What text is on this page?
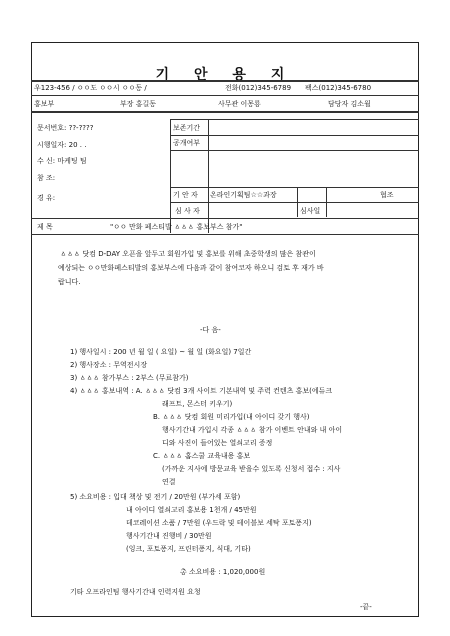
기 안 용 지
우123-456 / ㅇㅇ도 ㅇㅇ시 ㅇㅇ동 /	전화(012)345-6789 팩스(012)345-6780
홍보부	부장 홍길동	사무관 이몽룡	담당자 김소월
문서번호: ??-????
시행일자: 20 . .
수 신: 마케팅 팀
참 조:
경 유:
보존기간
공개여부
기 안 자 온라인기획팀☆☆과장	협조
심 사 자	심사일
제 목	"ㅇㅇ 만화 페스티발 ㅿㅿㅿ 홍보부스 참가"
ㅿㅿㅿ 닷컴 D-DAY 오픈을 앞두고 회원가입 및 홍보를 위해 초중학생의 많은 참관이
예상되는 ㅇㅇ만화페스티발의 홍보부스에 다음과 같이 참여코자 하오니 검토 후 재가 바
랍니다.
-다 음-
1) 행사일시 : 200 년 월 일 ( 요일) ~ 월 일 (화요일) 7일간
2) 행사장소 : 무역전시장
3) ㅿㅿㅿ 참가부스 : 2부스 (무료참가)
4) ㅿㅿㅿ 홍보내역 : A. ㅿㅿㅿ 닷컴 3개 사이트 기본내역 및 주력 컨텐츠 홍보(에듀크
래프트, 몬스터 키우기)
B. ㅿㅿㅿ 닷컴 회원 미리가입(내 아이디 갖기 행사)
행사기간내 가입시 각종 ㅿㅿㅿ 참가 이벤트 안내와 내 아이
디와 사진이 들어있는 열쇠고리 증정
C. ㅿㅿㅿ 홈스쿨 교육내용 홍보
(가까운 지사에 방문교육 받을수 있도록 신청서 접수 : 지사
연결
5) 소요비용 : 입대 책상 및 전기 / 20만원 (부가세 포함)
내 아이디 열쇠고리 홍보용 1천개 / 45만원
데코레이션 소품 / 7만원 (우드락 및 테이블보 세탁 포토퐁지)
행사기간내 진행비 / 30만원
(잉크, 포토퐁지, 프린터퐁지, 식대, 기타)
총 소요비용 : 1,020,000원
기타 오프라인팀 행사기간내 인력지원 요청
-끝-
